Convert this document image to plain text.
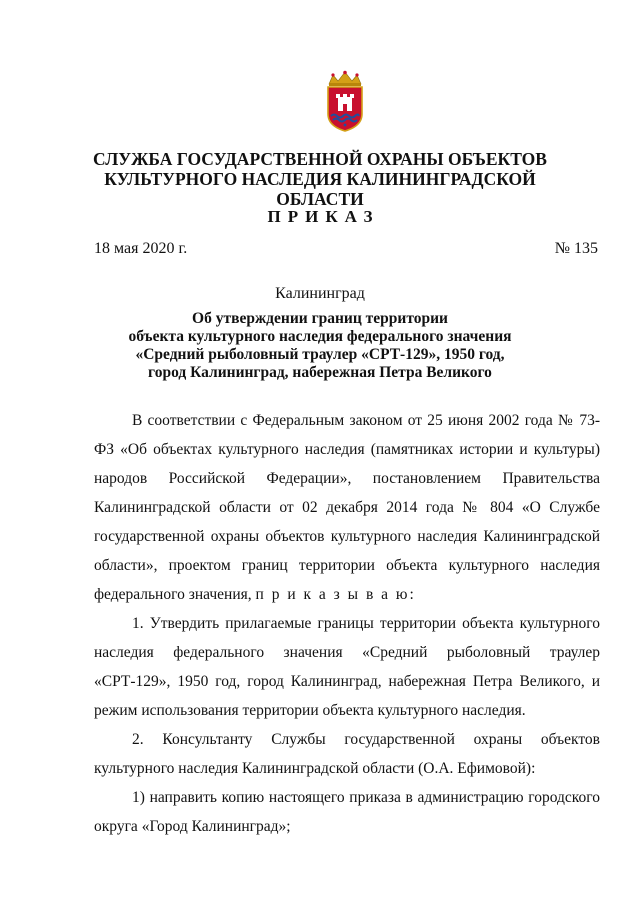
СЛУЖБА ГОСУДАРСТВЕННОЙ ОХРАНЫ ОБЪЕКТОВ
КУЛЬТУРНОГО НАСЛЕДИЯ КАЛИНИНГРАДСКОЙ ОБЛАСТИ
ПРИКАЗ
18 мая 2020 г.	№ 135
Калининград
Об утверждении границ территории
объекта культурного наследия федерального значения
«Средний рыболовный траулер «СРТ-129», 1950 год,
город Калининград, набережная Петра Великого

В соответствии с Федеральным законом от 25 июня 2002 года № 73-ФЗ «Об объектах культурного наследия (памятниках истории и культуры) народов Российской Федерации», постановлением Правительства Калининградской области от 02 декабря 2014 года № 804 «О Службе государственной охраны объектов культурного наследия Калининградской области», проектом границ территории объекта культурного наследия федерального значения, п р и к а з ы в а ю:

1. Утвердить прилагаемые границы территории объекта культурного наследия федерального значения «Средний рыболовный траулер «СРТ-129», 1950 год, город Калининград, набережная Петра Великого, и режим использования территории объекта культурного наследия.

2. Консультанту Службы государственной охраны объектов культурного наследия Калининградской области (О.А. Ефимовой):

1) направить копию настоящего приказа в администрацию городского округа «Город Калининград»;
